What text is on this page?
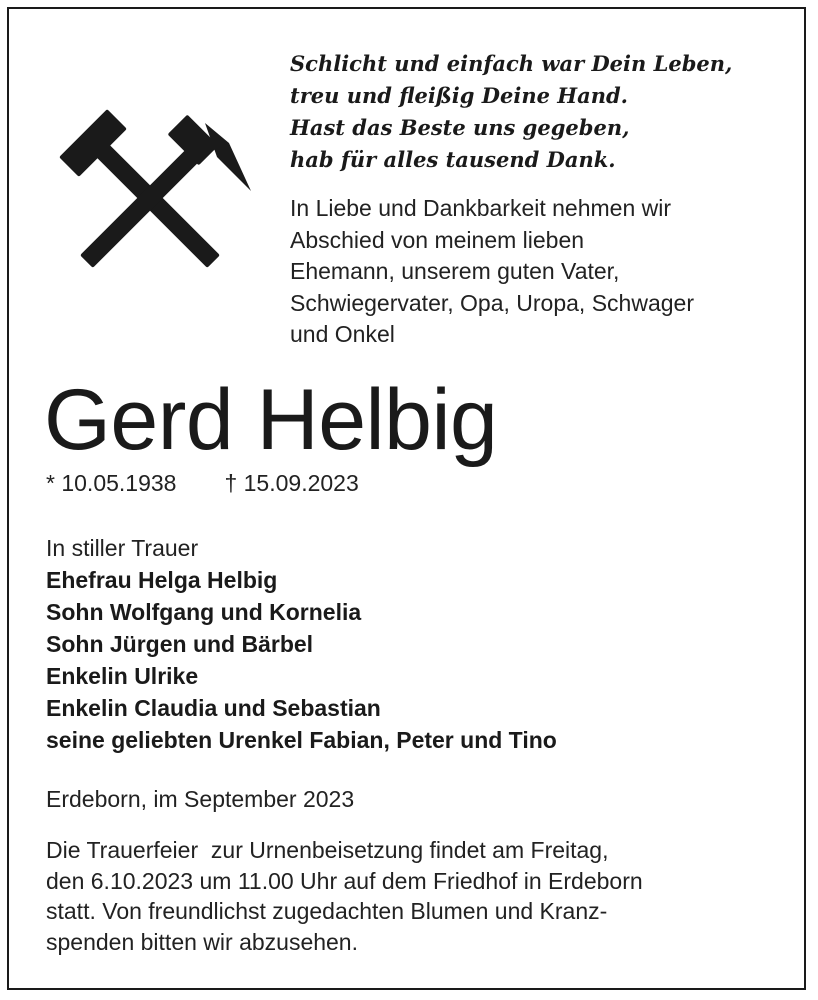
Schlicht und einfach war Dein Leben,
treu und fleißig Deine Hand.
Hast das Beste uns gegeben,
hab für alles tausend Dank.
In Liebe und Dankbarkeit nehmen wir
Abschied von meinem lieben
Ehemann, unserem guten Vater,
Schwiegervater, Opa, Uropa, Schwager
und Onkel
Gerd Helbig
* 10.05.1938 † 15.09.2023
In stiller Trauer
Ehefrau Helga Helbig
Sohn Wolfgang und Kornelia
Sohn Jürgen und Bärbel
Enkelin Ulrike
Enkelin Claudia und Sebastian
seine geliebten Urenkel Fabian, Peter und Tino
Erdeborn, im September 2023
Die Trauerfeier  zur Urnenbeisetzung findet am Freitag,
den 6.10.2023 um 11.00 Uhr auf dem Friedhof in Erdeborn
statt. Von freundlichst zugedachten Blumen und Kranz-
spenden bitten wir abzusehen.
